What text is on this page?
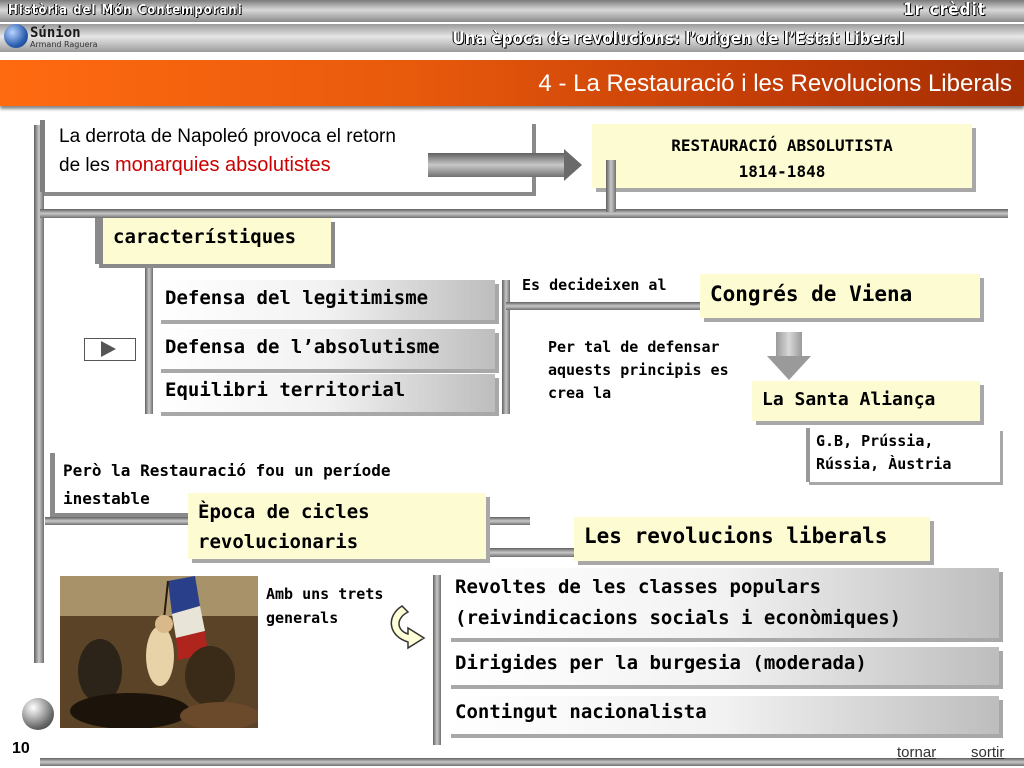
Història del Món Contemporani	1r crèdit
Súnion
Armand Raguera	Una època de revolucions: l’origen de l’Estat Liberal
4 - La Restauració i les Revolucions Liberals
La derrota de Napoleó provoca el retorn
de les monarquies absolutistes
RESTAURACIÓ ABSOLUTISTA
1814-1848
característiques
Defensa del legitimisme
Defensa de l’absolutisme
Equilibri territorial
Es decideixen al	Congrés de Viena
Per tal de defensar
aquests principis es
crea la	La Santa Aliança
G.B, Prússia,
Rússia, Àustria
Però la Restauració fou un període
inestable
Època de cicles
revolucionaris	Les revolucions liberals
Amb uns trets
generals
Revoltes de les classes populars
(reivindicacions socials i econòmiques)
Dirigides per la burgesia (moderada)
Contingut nacionalista
10	tornar sortir
